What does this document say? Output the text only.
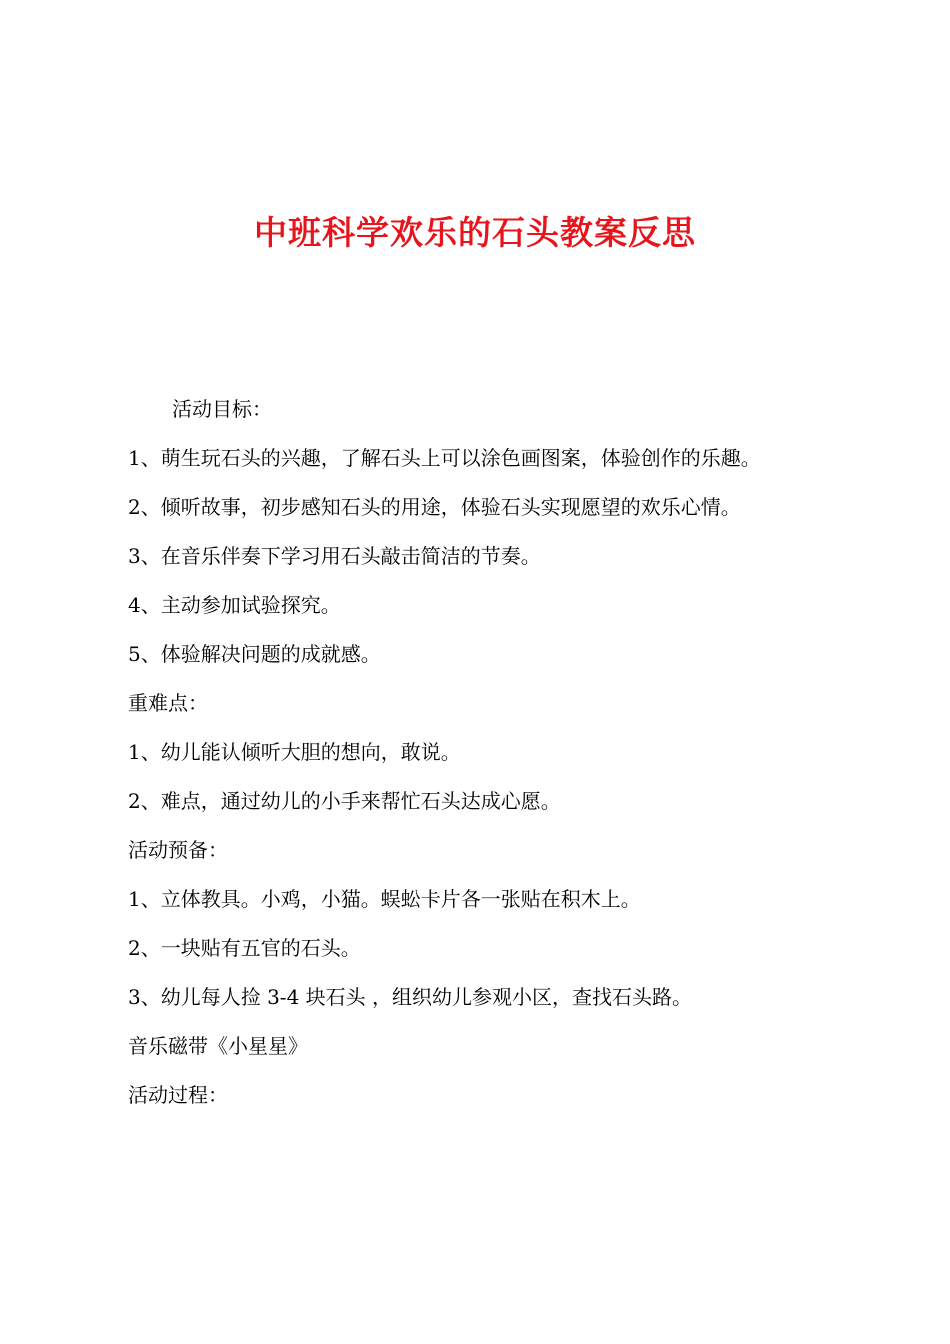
中班科学欢乐的石头教案反思
活动目标：
1、萌生玩石头的兴趣，了解石头上可以涂色画图案，体验创作的乐趣。
2、倾听故事，初步感知石头的用途，体验石头实现愿望的欢乐心情。
3、在音乐伴奏下学习用石头敲击简洁的节奏。
4、主动参加试验探究。
5、体验解决问题的成就感。
重难点：
1、幼儿能认倾听大胆的想向，敢说。
2、难点，通过幼儿的小手来帮忙石头达成心愿。
活动预备：
1、立体教具。小鸡，小猫。蜈蚣卡片各一张贴在积木上。
2、一块贴有五官的石头。
3、幼儿每人捡 3-4 块石头 ，组织幼儿参观小区，查找石头路。
音乐磁带《小星星》
活动过程：
